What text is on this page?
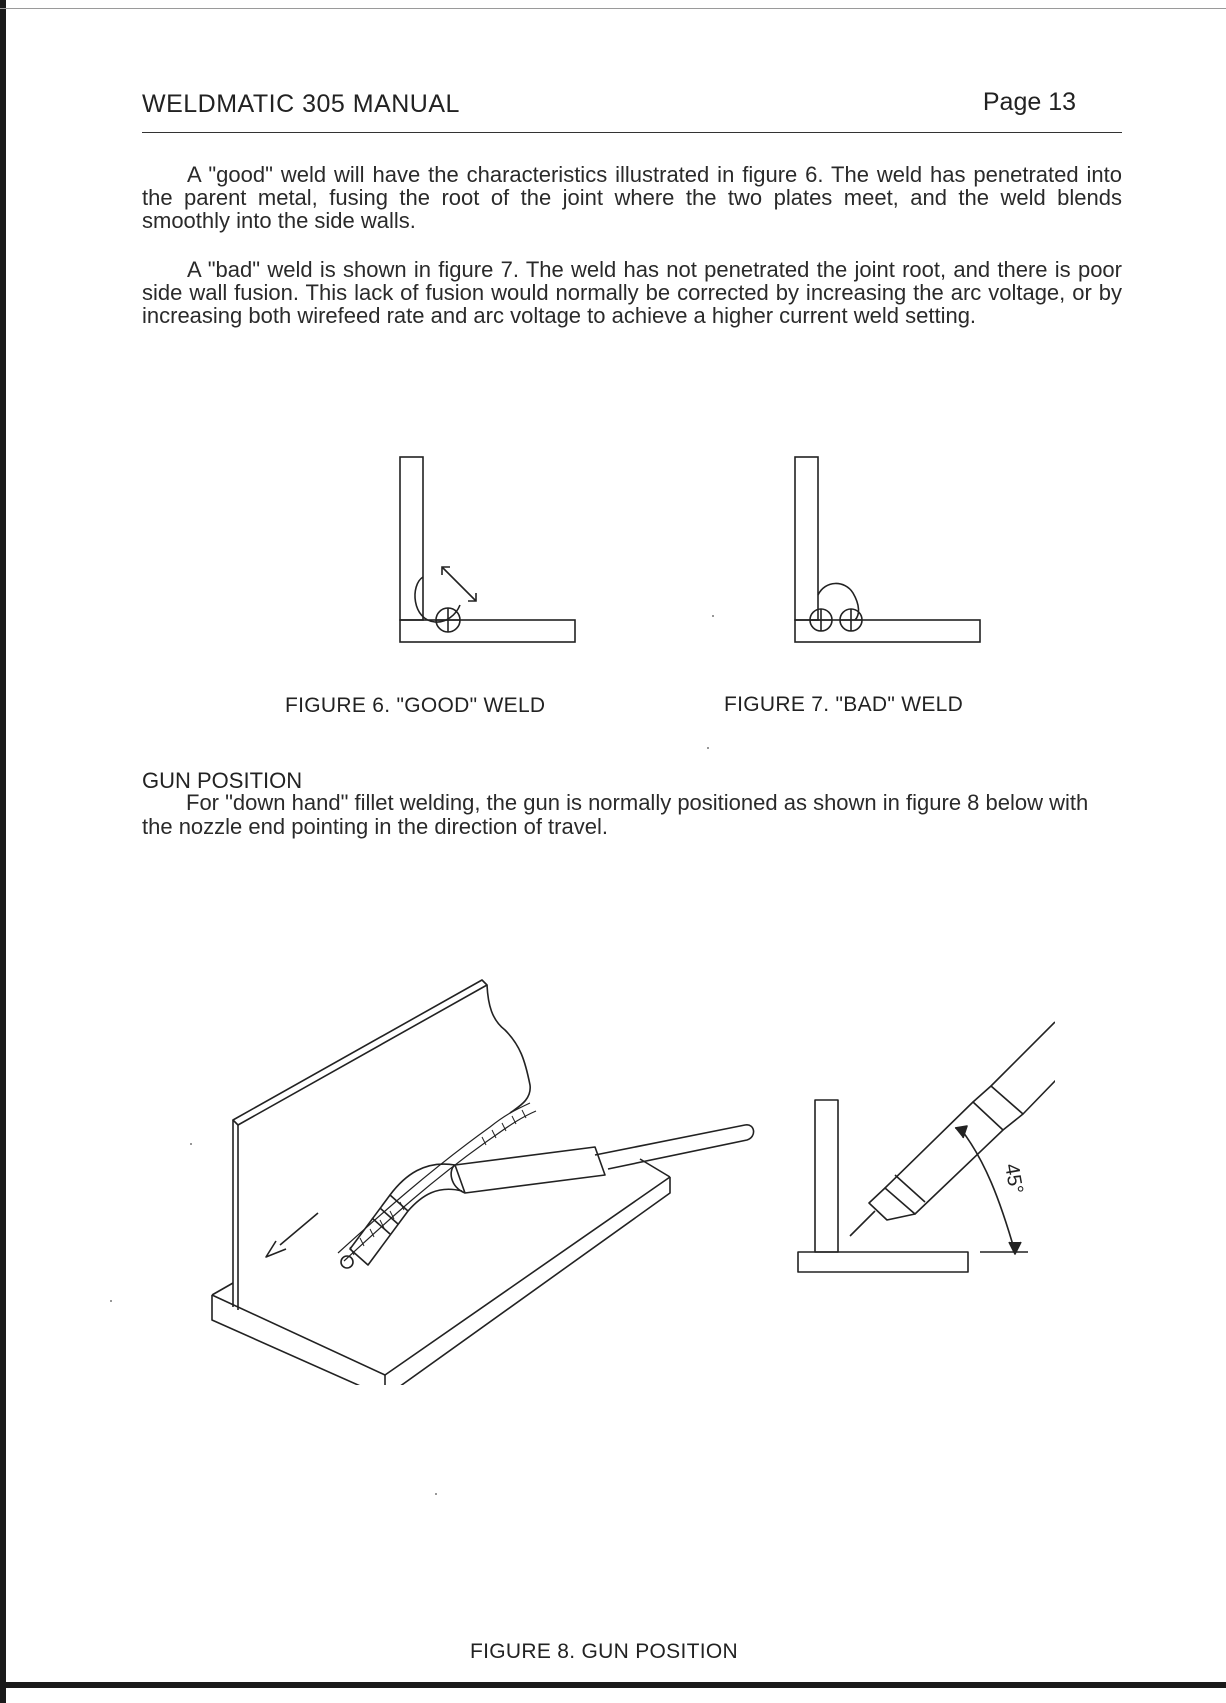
WELDMATIC 305 MANUAL	Page 13
A "good" weld will have the characteristics illustrated in figure 6. The weld has penetrated into the parent metal, fusing the root of the joint where the two plates meet, and the weld blends smoothly into the side walls.
A "bad" weld is shown in figure 7. The weld has not penetrated the joint root, and there is poor side wall fusion. This lack of fusion would normally be corrected by increasing the arc voltage, or by increasing both wirefeed rate and arc voltage to achieve a higher current weld setting.
FIGURE 6. "GOOD" WELD	FIGURE 7. "BAD" WELD
GUN POSITION
For "down hand" fillet welding, the gun is normally positioned as shown in figure 8 below with the nozzle end pointing in the direction of travel.
45°
FIGURE 8. GUN POSITION
